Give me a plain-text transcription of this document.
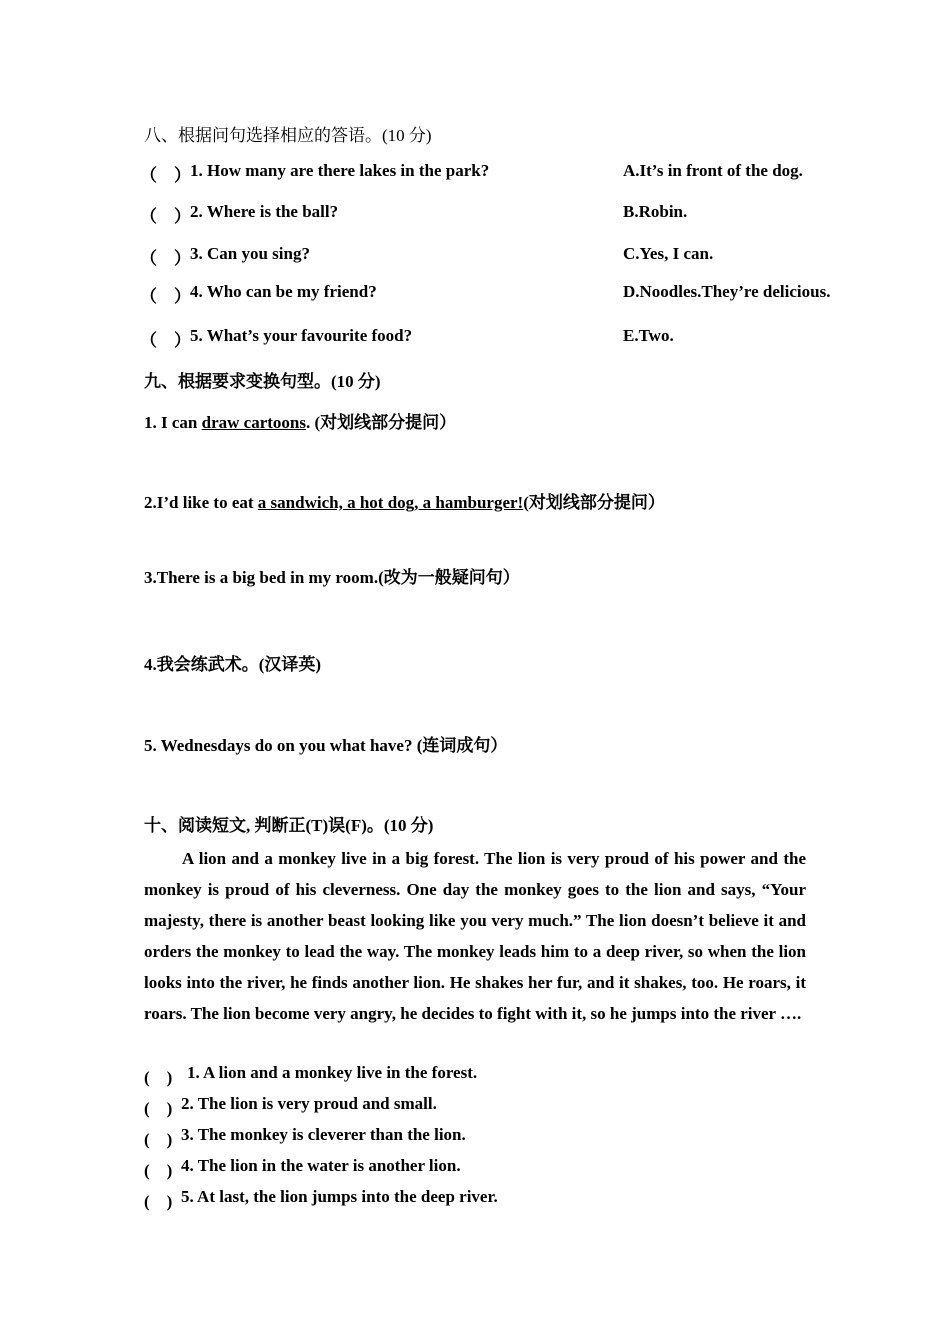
八、根据问句选择相应的答语。(10 分)
（　） 1. How many are there lakes in the park?	A.It’s in front of the dog.
（　） 2. Where is the ball?	B.Robin.
（　） 3. Can you sing?	C.Yes, I can.
（　） 4. Who can be my friend?	D.Noodles.They’re delicious.
（　） 5. What’s your favourite food?	E.Two.
九、根据要求变换句型。(10 分)
1. I can draw cartoons. (对划线部分提问）
2.I’d like to eat a sandwich, a hot dog, a hamburger!(对划线部分提问）
3.There is a big bed in my room.(改为一般疑问句）
4.我会练武术。(汉译英)
5. Wednesdays do on you what have? (连词成句）
十、阅读短文, 判断正(T)误(F)。(10 分)
A lion and a monkey live in a big forest. The lion is very proud of his power and the monkey is proud of his cleverness. One day the monkey goes to the lion and says, “Your majesty, there is another beast looking like you very much.” The lion doesn’t believe it and orders the monkey to lead the way. The monkey leads him to a deep river, so when the lion looks into the river, he finds another lion. He shakes her fur, and it shakes, too. He roars, it roars. The lion become very angry, he decides to fight with it, so he jumps into the river ….
(　) 1. A lion and a monkey live in the forest.
(　) 2. The lion is very proud and small.
(　) 3. The monkey is cleverer than the lion.
(　) 4. The lion in the water is another lion.
(　) 5. At last, the lion jumps into the deep river.
